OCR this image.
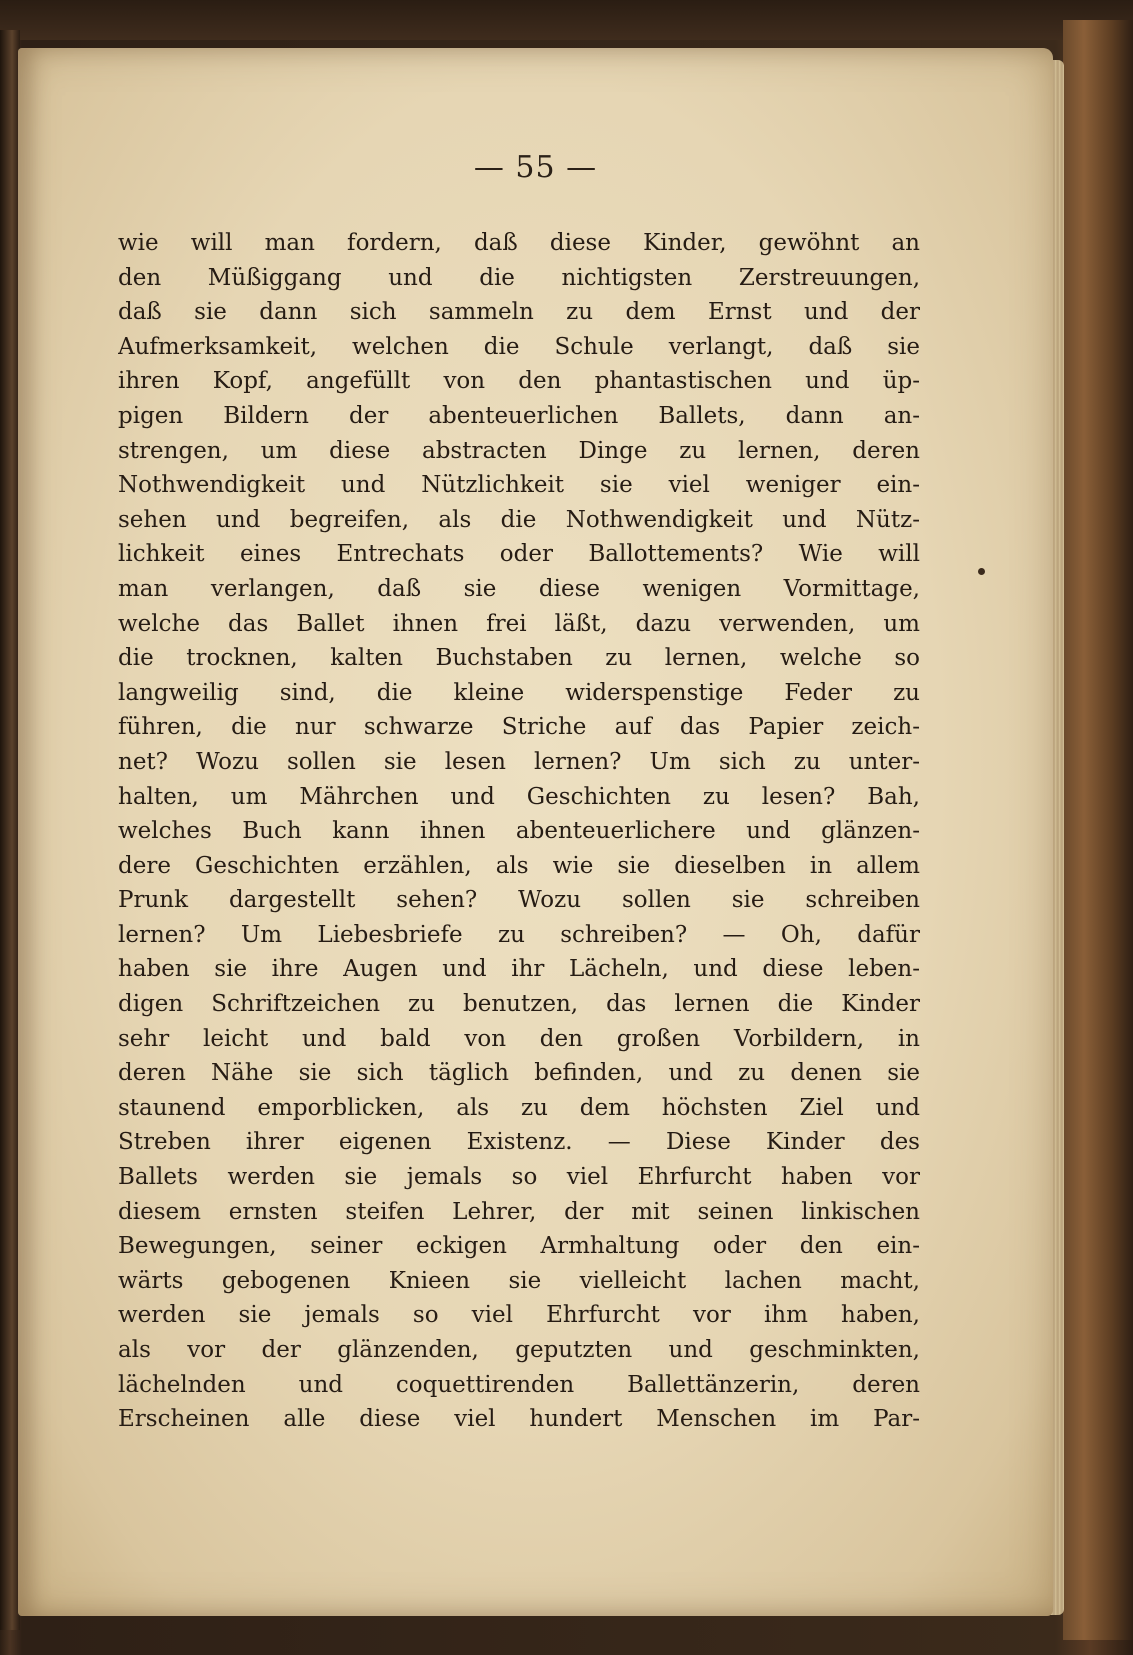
— 55 —
wie will man fordern, daß diese Kinder, gewöhnt an
den Müßiggang und die nichtigsten Zerstreuungen,
daß sie dann sich sammeln zu dem Ernst und der
Aufmerksamkeit, welchen die Schule verlangt, daß sie
ihren Kopf, angefüllt von den phantastischen und üp-
pigen Bildern der abenteuerlichen Ballets, dann an-
strengen, um diese abstracten Dinge zu lernen, deren
Nothwendigkeit und Nützlichkeit sie viel weniger ein-
sehen und begreifen, als die Nothwendigkeit und Nütz-
lichkeit eines Entrechats oder Ballottements? Wie will
man verlangen, daß sie diese wenigen Vormittage,
welche das Ballet ihnen frei läßt, dazu verwenden, um
die trocknen, kalten Buchstaben zu lernen, welche so
langweilig sind, die kleine widerspenstige Feder zu
führen, die nur schwarze Striche auf das Papier zeich-
net? Wozu sollen sie lesen lernen? Um sich zu unter-
halten, um Mährchen und Geschichten zu lesen? Bah,
welches Buch kann ihnen abenteuerlichere und glänzen-
dere Geschichten erzählen, als wie sie dieselben in allem
Prunk dargestellt sehen? Wozu sollen sie schreiben
lernen? Um Liebesbriefe zu schreiben? — Oh, dafür
haben sie ihre Augen und ihr Lächeln, und diese leben-
digen Schriftzeichen zu benutzen, das lernen die Kinder
sehr leicht und bald von den großen Vorbildern, in
deren Nähe sie sich täglich befinden, und zu denen sie
staunend emporblicken, als zu dem höchsten Ziel und
Streben ihrer eigenen Existenz. — Diese Kinder des
Ballets werden sie jemals so viel Ehrfurcht haben vor
diesem ernsten steifen Lehrer, der mit seinen linkischen
Bewegungen, seiner eckigen Armhaltung oder den ein-
wärts gebogenen Knieen sie vielleicht lachen macht,
werden sie jemals so viel Ehrfurcht vor ihm haben,
als vor der glänzenden, geputzten und geschminkten,
lächelnden und coquettirenden Ballettänzerin, deren
Erscheinen alle diese viel hundert Menschen im Par-
